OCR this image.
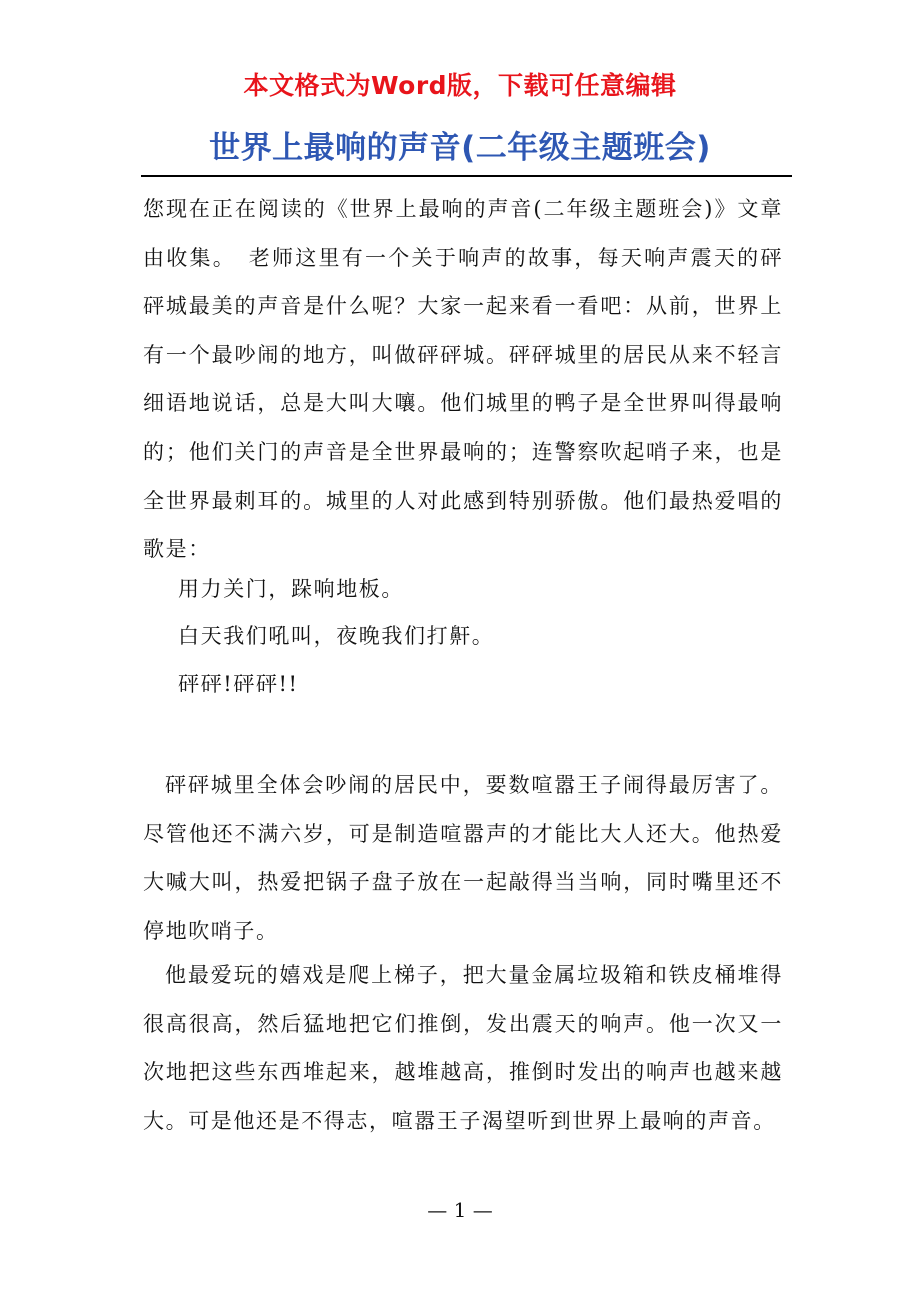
本文格式为Word版，下载可任意编辑
世界上最响的声音(二年级主题班会)
您现在正在阅读的《世界上最响的声音(二年级主题班会)》文章由收集。　老师这里有一个关于响声的故事，每天响声震天的砰砰城最美的声音是什么呢？大家一起来看一看吧：从前，世界上有一个最吵闹的地方，叫做砰砰城。砰砰城里的居民从来不轻言细语地说话，总是大叫大嚷。他们城里的鸭子是全世界叫得最响的；他们关门的声音是全世界最响的；连警察吹起哨子来，也是全世界最刺耳的。城里的人对此感到特别骄傲。他们最热爱唱的歌是：
用力关门，跺响地板。
白天我们吼叫，夜晚我们打鼾。
砰砰!砰砰!!
砰砰城里全体会吵闹的居民中，要数喧嚣王子闹得最厉害了。尽管他还不满六岁，可是制造喧嚣声的才能比大人还大。他热爱大喊大叫，热爱把锅子盘子放在一起敲得当当响，同时嘴里还不停地吹哨子。
他最爱玩的嬉戏是爬上梯子，把大量金属垃圾箱和铁皮桶堆得很高很高，然后猛地把它们推倒，发出震天的响声。他一次又一次地把这些东西堆起来，越堆越高，推倒时发出的响声也越来越大。可是他还是不得志，喧嚣王子渴望听到世界上最响的声音。
— 1 —
